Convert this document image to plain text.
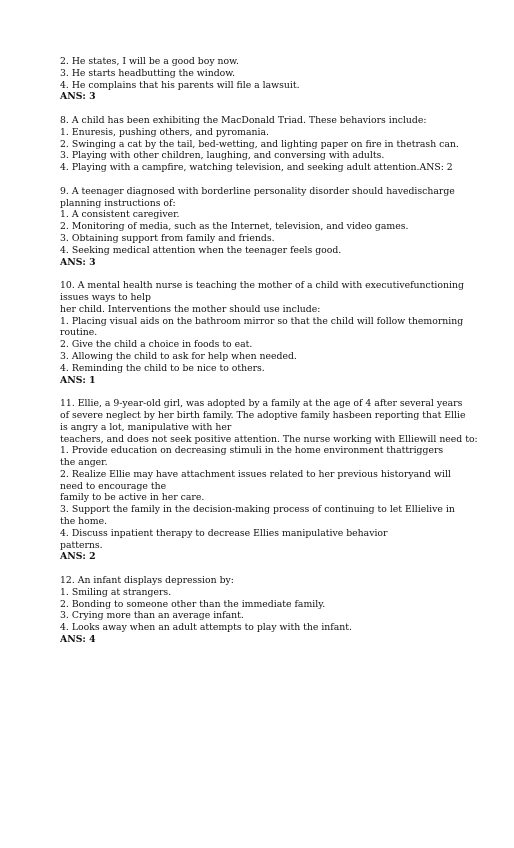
2. He states, I will be a good boy now.
3. He starts headbutting the window.
4. He complains that his parents will file a lawsuit.
ANS: 3
8. A child has been exhibiting the MacDonald Triad. These behaviors include:
1. Enuresis, pushing others, and pyromania.
2. Swinging a cat by the tail, bed-wetting, and lighting paper on fire in thetrash can.
3. Playing with other children, laughing, and conversing with adults.
4. Playing with a campfire, watching television, and seeking adult attention.ANS: 2
9. A teenager diagnosed with borderline personality disorder should havedischarge
planning instructions of:
1. A consistent caregiver.
2. Monitoring of media, such as the Internet, television, and video games.
3. Obtaining support from family and friends.
4. Seeking medical attention when the teenager feels good.
ANS: 3
10. A mental health nurse is teaching the mother of a child with executivefunctioning
issues ways to help
her child. Interventions the mother should use include:
1. Placing visual aids on the bathroom mirror so that the child will follow themorning
routine.
2. Give the child a choice in foods to eat.
3. Allowing the child to ask for help when needed.
4. Reminding the child to be nice to others.
ANS: 1
11. Ellie, a 9-year-old girl, was adopted by a family at the age of 4 after several years
of severe neglect by her birth family. The adoptive family hasbeen reporting that Ellie
is angry a lot, manipulative with her
teachers, and does not seek positive attention. The nurse working with Elliewill need to:
1. Provide education on decreasing stimuli in the home environment thattriggers
the anger.
2. Realize Ellie may have attachment issues related to her previous historyand will
need to encourage the
family to be active in her care.
3. Support the family in the decision-making process of continuing to let Ellielive in
the home.
4. Discuss inpatient therapy to decrease Ellies manipulative behavior
patterns.
ANS: 2
12. An infant displays depression by:
1. Smiling at strangers.
2. Bonding to someone other than the immediate family.
3. Crying more than an average infant.
4. Looks away when an adult attempts to play with the infant.
ANS: 4
